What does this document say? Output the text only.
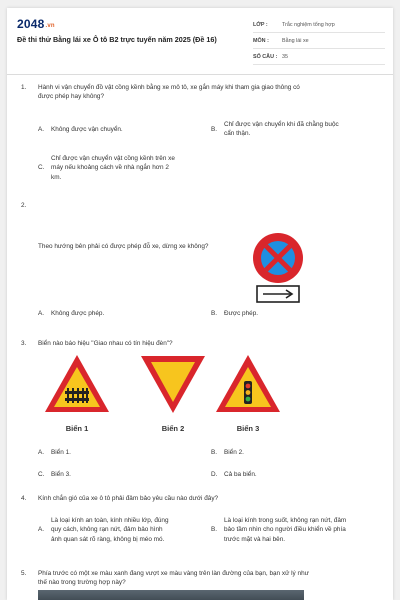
2048.vn
Đề thi thử Bằng lái xe Ô tô B2 trực tuyến năm 2025 (Đề 16)
LỚP :	Trắc nghiệm tổng hợp
MÔN :	Bằng lái xe
SỐ CÂU : 35
1. Hành vi vận chuyển đồ vật cồng kềnh bằng xe mô tô, xe gắn máy khi tham gia giao thông có
được phép hay không?
A.	Không được vận chuyển.	B.
Chỉ được vận chuyển khi đã chằng buộc
cẩn thận.
C.
Chỉ được vận chuyển vật cồng kềnh trên xe
máy nếu khoảng cách về nhà ngắn hơn 2
km.
2.
Theo hướng bên phải có được phép đỗ xe, dừng xe không?
A.	Không được phép.	B.	Được phép.
3. Biển nào báo hiệu "Giao nhau có tín hiệu đèn"?
A.	Biển 1.	B.	Biển 2.
C.	Biển 3.	D.	Cả ba biển.
Biển 1	Biển 2	Biển 3
4. Kính chắn gió của xe ô tô phải đảm bảo yêu cầu nào dưới đây?
A.
Là loại kính an toàn, kính nhiều lớp, đúng
quy cách, không rạn nứt, đảm bảo hình
ảnh quan sát rõ ràng, không bị méo mó.
B.
Là loại kính trong suốt, không rạn nứt, đảm
bảo tầm nhìn cho người điều khiển về phía
trước mặt và hai bên.
5. Phía trước có một xe màu xanh đang vượt xe màu vàng trên làn đường của bạn, bạn xử lý như
thế nào trong trường hợp này?
